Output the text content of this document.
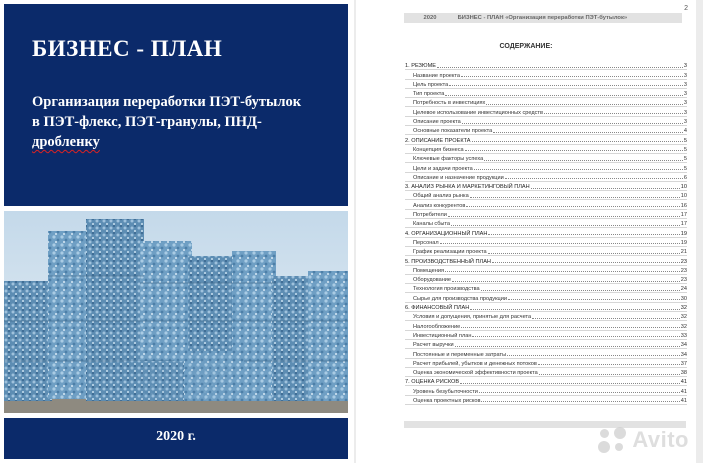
БИЗНЕС - ПЛАН
Организация переработки ПЭТ-бутылок
в ПЭТ-флекс, ПЭТ-гранулы, ПНД-
дробленку
2020 г.
2
2020	БИЗНЕС - ПЛАН «Организация переработки ПЭТ-бутылок»
СОДЕРЖАНИЕ:
1. РЕЗЮМЕ	3
Название проекта	3
Цель проекта	3
Тип проекта	3
Потребность в инвестициях	3
Целевое использование инвестиционных средств	3
Описание проекта	3
Основные показатели проекта	4
2. ОПИСАНИЕ ПРОЕКТА	5
Концепция бизнеса	5
Ключевые факторы успеха	5
Цели и задачи проекта	5
Описание и назначение продукции	6
3. АНАЛИЗ РЫНКА И МАРКЕТИНГОВЫЙ ПЛАН	10
Общий анализ рынка	10
Анализ конкурентов	16
Потребители	17
Каналы сбыта	17
4. ОРГАНИЗАЦИОННЫЙ ПЛАН	19
Персонал	19
График реализации проекта	21
5. ПРОИЗВОДСТВЕННЫЙ ПЛАН	23
Помещения	23
Оборудование	23
Технология производства	24
Сырье для производства продукции	30
6. ФИНАНСОВЫЙ ПЛАН	32
Условия и допущения, принятые для расчета	32
Налогообложение	32
Инвестиционный план	33
Расчет выручки	34
Постоянные и переменные затраты	34
Расчет прибылей, убытков и денежных потоков	37
Оценка экономической эффективности проекта	38
7. ОЦЕНКА РИСКОВ	41
Уровень безубыточности	41
Оценка проектных рисков	41
Avito
